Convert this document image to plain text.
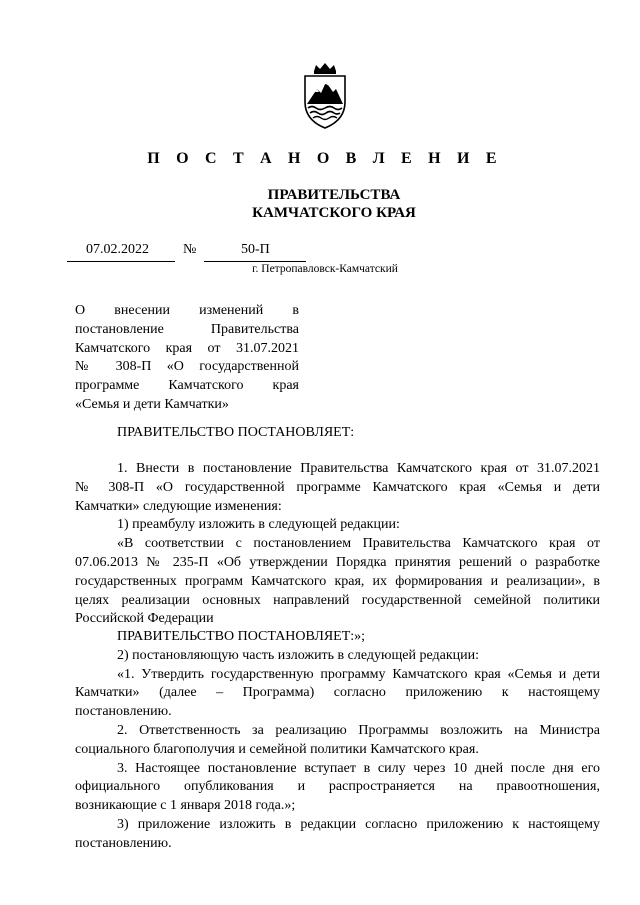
П О С Т А Н О В Л Е Н И Е
ПРАВИТЕЛЬСТВА
КАМЧАТСКОГО КРАЯ
07.02.2022 №	50-П
г. Петропавловск-Камчатский
О внесении изменений в
постановление Правительства
Камчатского края от 31.07.2021
№ 308-П «О государственной
программе Камчатского края
«Семья и дети Камчатки»
ПРАВИТЕЛЬСТВО ПОСТАНОВЛЯЕТ:
1. Внести в постановление Правительства Камчатского края от 31.07.2021
№ 308-П «О государственной программе Камчатского края «Семья и дети
Камчатки» следующие изменения:
1) преамбулу изложить в следующей редакции:
«В соответствии с постановлением Правительства Камчатского края от
07.06.2013 № 235-П «Об утверждении Порядка принятия решений о разработке
государственных программ Камчатского края, их формирования и реализации», в
целях реализации основных направлений государственной семейной политики
Российской Федерации
ПРАВИТЕЛЬСТВО ПОСТАНОВЛЯЕТ:»;
2) постановляющую часть изложить в следующей редакции:
«1. Утвердить государственную программу Камчатского края «Семья и дети
Камчатки» (далее – Программа) согласно приложению к настоящему
постановлению.
2. Ответственность за реализацию Программы возложить на Министра
социального благополучия и семейной политики Камчатского края.
3. Настоящее постановление вступает в силу через 10 дней после дня его
официального опубликования и распространяется на правоотношения,
возникающие с 1 января 2018 года.»;
3) приложение изложить в редакции согласно приложению к настоящему
постановлению.
